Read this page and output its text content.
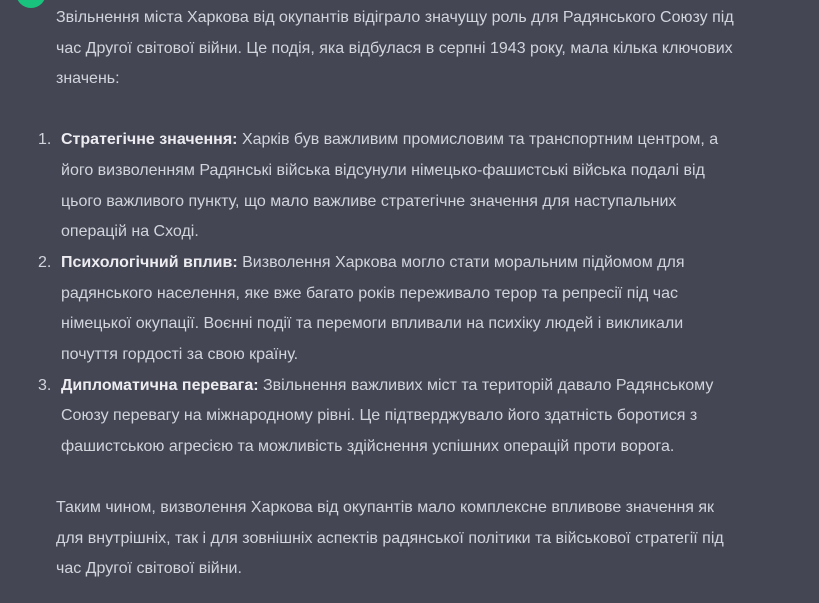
Звільнення міста Харкова від окупантів відіграло значущу роль для Радянського Союзу під час Другої світової війни. Це подія, яка відбулася в серпні 1943 року, мала кілька ключових значень:

1. Стратегічне значення: Харків був важливим промисловим та транспортним центром, а його визволенням Радянські війська відсунули німецько-фашистські війська подалі від цього важливого пункту, що мало важливе стратегічне значення для наступальних операцій на Сході.
2. Психологічний вплив: Визволення Харкова могло стати моральним підйомом для радянського населення, яке вже багато років переживало терор та репресії під час німецької окупації. Воєнні події та перемоги впливали на психіку людей і викликали почуття гордості за свою країну.
3. Дипломатична перевага: Звільнення важливих міст та територій давало Радянському Союзу перевагу на міжнародному рівні. Це підтверджувало його здатність боротися з фашистською агресією та можливість здійснення успішних операцій проти ворога.

Таким чином, визволення Харкова від окупантів мало комплексне впливове значення як для внутрішніх, так і для зовнішніх аспектів радянської політики та військової стратегії під час Другої світової війни.
